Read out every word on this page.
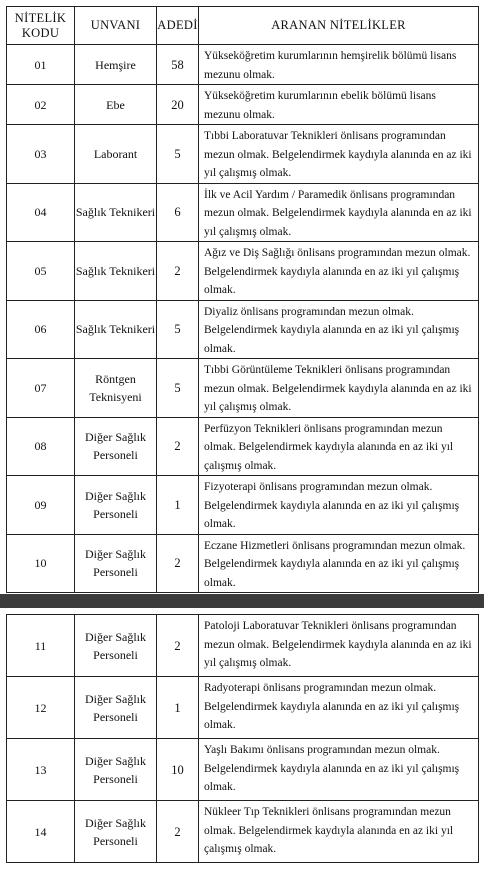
NİTELİK KODU	UNVANI	ADEDİ	ARANAN NİTELİKLER
01	Hemşire	58	Yükseköğretim kurumlarının hemşirelik bölümü lisans mezunu olmak.
02	Ebe	20	Yükseköğretim kurumlarının ebelik bölümü lisans mezunu olmak.
03	Laborant	5	Tıbbi Laboratuvar Teknikleri önlisans programından mezun olmak. Belgelendirmek kaydıyla alanında en az iki yıl çalışmış olmak.
04	Sağlık Teknikeri	6	İlk ve Acil Yardım / Paramedik önlisans programından mezun olmak. Belgelendirmek kaydıyla alanında en az iki yıl çalışmış olmak.
05	Sağlık Teknikeri	2	Ağız ve Diş Sağlığı önlisans programından mezun olmak. Belgelendirmek kaydıyla alanında en az iki yıl çalışmış olmak.
06	Sağlık Teknikeri	5	Diyaliz önlisans programından mezun olmak. Belgelendirmek kaydıyla alanında en az iki yıl çalışmış olmak.
07	Röntgen Teknisyeni	5	Tıbbi Görüntüleme Teknikleri önlisans programından mezun olmak. Belgelendirmek kaydıyla alanında en az iki yıl çalışmış olmak.
08	Diğer Sağlık Personeli	2	Perfüzyon Teknikleri önlisans programından mezun olmak. Belgelendirmek kaydıyla alanında en az iki yıl çalışmış olmak.
09	Diğer Sağlık Personeli	1	Fizyoterapi önlisans programından mezun olmak. Belgelendirmek kaydıyla alanında en az iki yıl çalışmış olmak.
10	Diğer Sağlık Personeli	2	Eczane Hizmetleri önlisans programından mezun olmak. Belgelendirmek kaydıyla alanında en az iki yıl çalışmış olmak.
11	Diğer Sağlık Personeli	2	Patoloji Laboratuvar Teknikleri önlisans programından mezun olmak. Belgelendirmek kaydıyla alanında en az iki yıl çalışmış olmak.
12	Diğer Sağlık Personeli	1	Radyoterapi önlisans programından mezun olmak. Belgelendirmek kaydıyla alanında en az iki yıl çalışmış olmak.
13	Diğer Sağlık Personeli	10	Yaşlı Bakımı önlisans programından mezun olmak. Belgelendirmek kaydıyla alanında en az iki yıl çalışmış olmak.
14	Diğer Sağlık Personeli	2	Nükleer Tıp Teknikleri önlisans programından mezun olmak. Belgelendirmek kaydıyla alanında en az iki yıl çalışmış olmak.
